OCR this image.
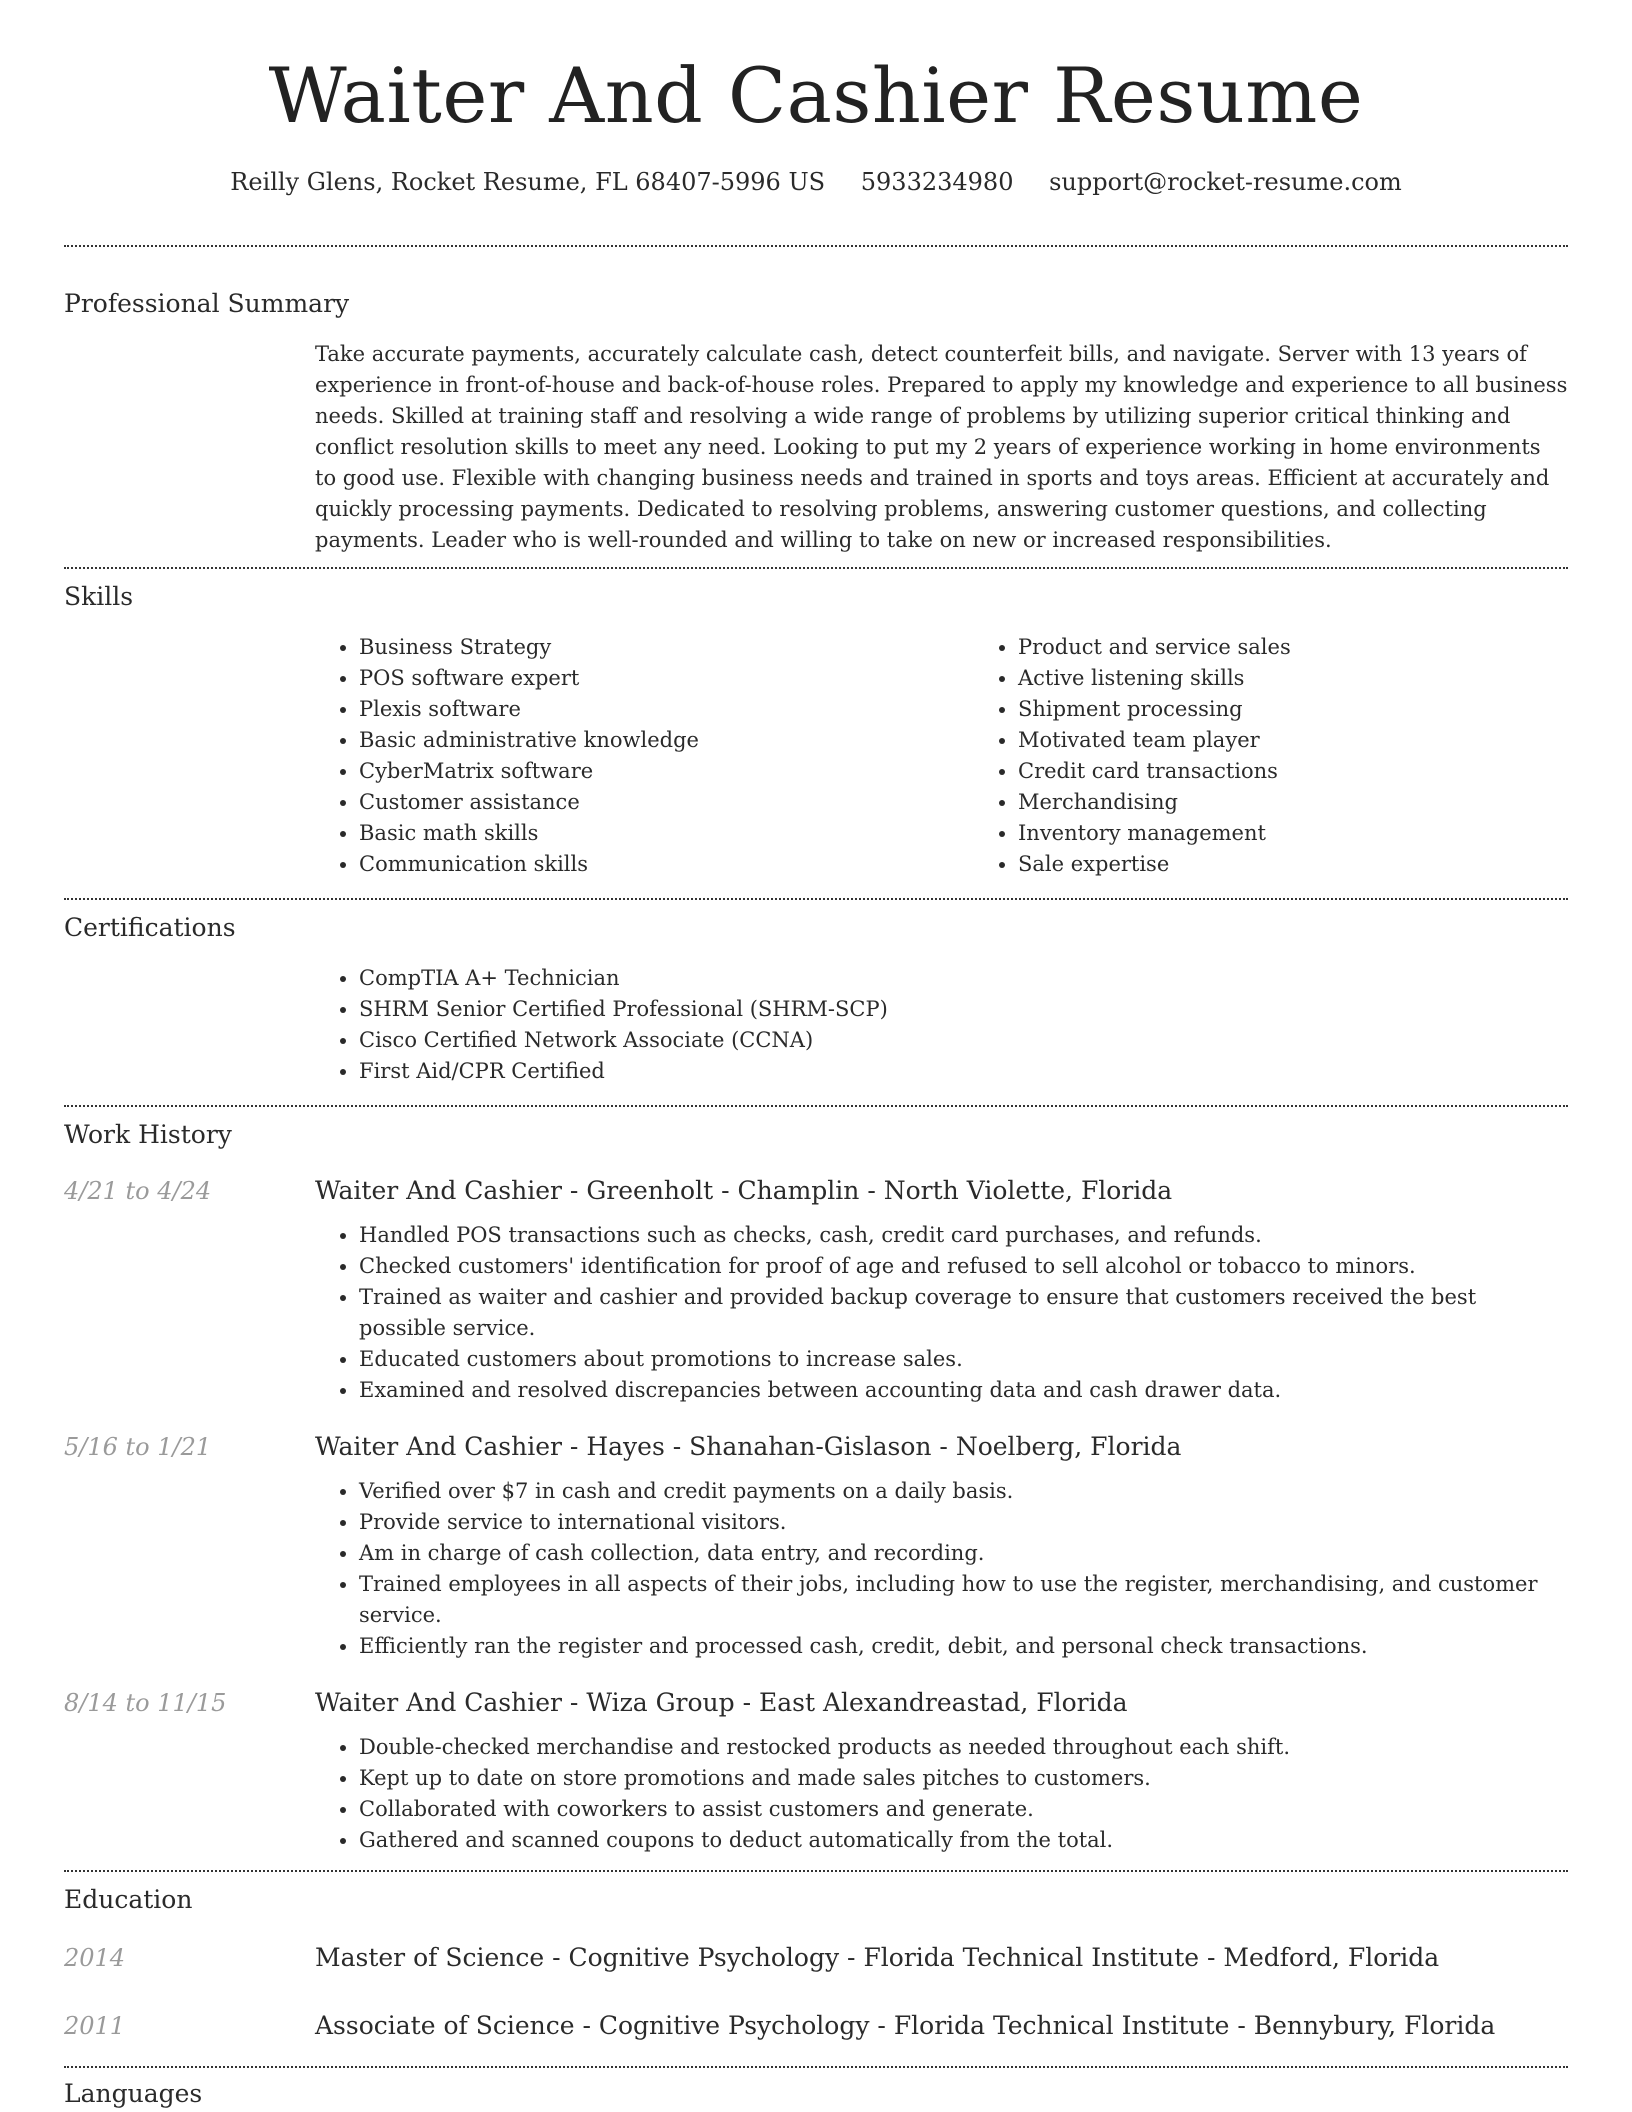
Waiter And Cashier Resume
Reilly Glens, Rocket Resume, FL 68407-5996 US 5933234980 support@rocket-resume.com
Professional Summary

Take accurate payments, accurately calculate cash, detect counterfeit bills, and navigate. Server with 13 years of experience in front-of-house and back-of-house roles. Prepared to apply my knowledge and experience to all business needs. Skilled at training staff and resolving a wide range of problems by utilizing superior critical thinking and conflict resolution skills to meet any need. Looking to put my 2 years of experience working in home environments to good use. Flexible with changing business needs and trained in sports and toys areas. Efficient at accurately and quickly processing payments. Dedicated to resolving problems, answering customer questions, and collecting payments. Leader who is well-rounded and willing to take on new or increased responsibilities.

Skills
• Business Strategy
• POS software expert
• Plexis software
• Basic administrative knowledge
• CyberMatrix software
• Customer assistance
• Basic math skills
• Communication skills
• Product and service sales
• Active listening skills
• Shipment processing
• Motivated team player
• Credit card transactions
• Merchandising
• Inventory management
• Sale expertise
Certifications
• CompTIA A+ Technician
• SHRM Senior Certified Professional (SHRM-SCP)
• Cisco Certified Network Associate (CCNA)
• First Aid/CPR Certified
Work History
4/21 to 4/24	Waiter And Cashier - Greenholt - Champlin - North Violette, Florida
• Handled POS transactions such as checks, cash, credit card purchases, and refunds.
• Checked customers' identification for proof of age and refused to sell alcohol or tobacco to minors.
• Trained as waiter and cashier and provided backup coverage to ensure that customers received the best possible service.
• Educated customers about promotions to increase sales.
• Examined and resolved discrepancies between accounting data and cash drawer data.
5/16 to 1/21	Waiter And Cashier - Hayes - Shanahan-Gislason - Noelberg, Florida
• Verified over $7 in cash and credit payments on a daily basis.
• Provide service to international visitors.
• Am in charge of cash collection, data entry, and recording.
• Trained employees in all aspects of their jobs, including how to use the register, merchandising, and customer service.
• Efficiently ran the register and processed cash, credit, debit, and personal check transactions.
8/14 to 11/15	Waiter And Cashier - Wiza Group - East Alexandreastad, Florida
• Double-checked merchandise and restocked products as needed throughout each shift.
• Kept up to date on store promotions and made sales pitches to customers.
• Collaborated with coworkers to assist customers and generate.
• Gathered and scanned coupons to deduct automatically from the total.
Education
2014	Master of Science - Cognitive Psychology - Florida Technical Institute - Medford, Florida
2011	Associate of Science - Cognitive Psychology - Florida Technical Institute - Bennybury, Florida
Languages
